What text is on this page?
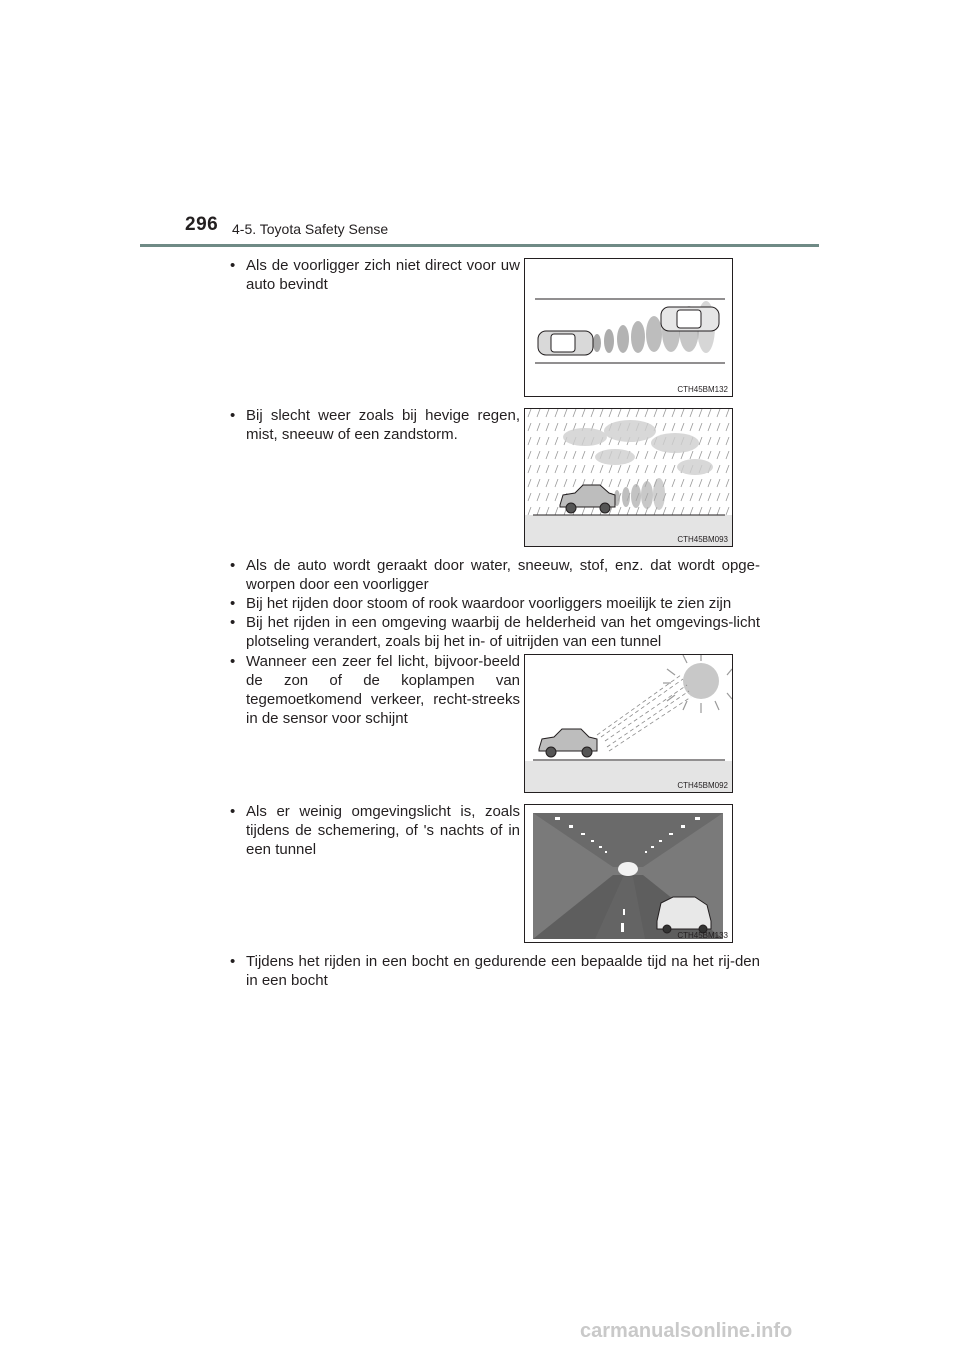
296 4-5. Toyota Safety Sense
• Als de voorligger zich niet direct voor uw auto bevindt
CTH45BM132
• Bij slecht weer zoals bij hevige regen, mist, sneeuw of een zandstorm.
CTH45BM093
• Als de auto wordt geraakt door water, sneeuw, stof, enz. dat wordt opge-worpen door een voorligger
• Bij het rijden door stoom of rook waardoor voorliggers moeilijk te zien zijn
• Bij het rijden in een omgeving waarbij de helderheid van het omgevings-licht plotseling verandert, zoals bij het in- of uitrijden van een tunnel
• Wanneer een zeer fel licht, bijvoor-beeld de zon of de koplampen van tegemoetkomend verkeer, recht-streeks in de sensor voor schijnt
CTH45BM092
• Als er weinig omgevingslicht is, zoals tijdens de schemering, of 's nachts of in een tunnel
CTH45BM133
• Tijdens het rijden in een bocht en gedurende een bepaalde tijd na het rij-den in een bocht
carmanualsonline.info
